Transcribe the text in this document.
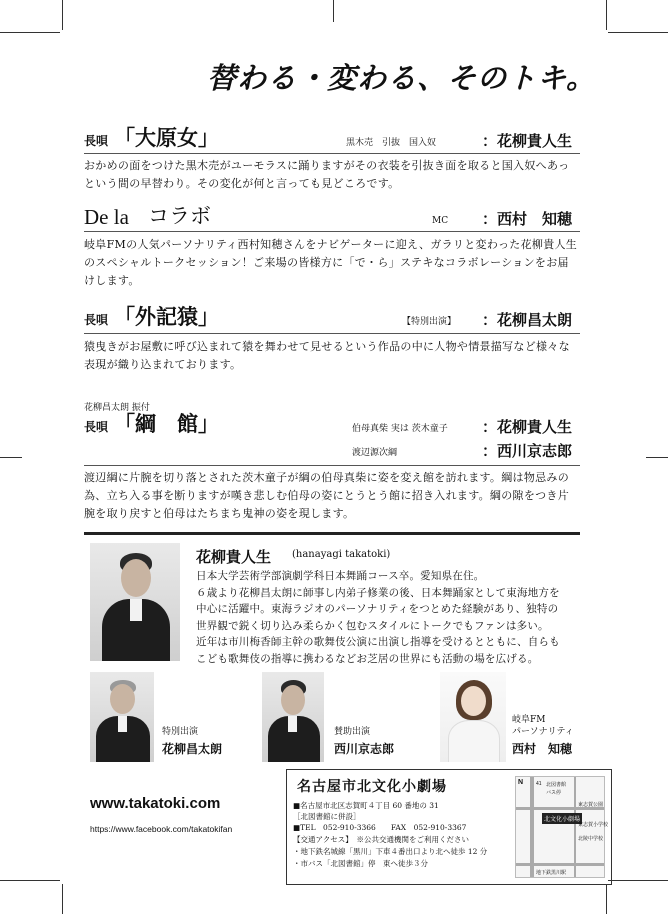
替わる・変わる、そのトキ。
長唄 「大原女」	黒木売　引抜　国入奴	：花柳貴人生
おかめの面をつけた黒木売がユーモラスに踊りますがその衣装を引抜き面を取ると国入奴へあっという間の早替わり。その変化が何と言っても見どころです。
De la コラボ	MC ：西村　知穂
岐阜FMの人気パーソナリティ西村知穂さんをナビゲーターに迎え、ガラリと変わった花柳貴人生のスペシャルトークセッション！ご来場の皆様方に「で・ら」ステキなコラボレーションをお届けします。
長唄 「外記猿」	【特別出演】 ：花柳昌太朗
猿曳きがお屋敷に呼び込まれて猿を舞わせて見せるという作品の中に人物や情景描写など様々な表現が織り込まれております。
花柳昌太朗 振付
長唄 「綱　館」	伯母真柴 実は 茨木童子 ：花柳貴人生
渡辺源次綱	：西川京志郎
渡辺綱に片腕を切り落とされた茨木童子が綱の伯母真柴に姿を変え館を訪れます。綱は物忌みの為、立ち入る事を断りますが嘆き悲しむ伯母の姿にとうとう館に招き入れます。綱の隙をつき片腕を取り戻すと伯母はたちまち鬼神の姿を現します。
花柳貴人生 (hanayagi takatoki)
日本大学芸術学部演劇学科日本舞踊コース卒。愛知県在住。
６歳より花柳昌太朗に師事し内弟子修業の後、日本舞踊家として東海地方を
中心に活躍中。東海ラジオのパーソナリティをつとめた経験があり、独特の
世界観で鋭く切り込み柔らかく包むスタイルにトークでもファンは多い。
近年は市川梅香師主幹の歌舞伎公演に出演し指導を受けるとともに、自らも
こども歌舞伎の指導に携わるなどお芝居の世界にも活動の場を広げる。
特別出演
花柳昌太朗
賛助出演
西川京志郎
岐阜FM
パーソナリティ
西村　知穂
www.takatoki.com
https://www.facebook.com/takatokifan
名古屋市北文化小劇場
■名古屋市北区志賀町４丁目 60 番地の 31
［北図書館に併設］
■TEL　052-910-3366　　FAX　052-910-3367
【交通アクセス】　※公共交通機関をご利用ください
・地下鉄名城線「黒川」下車４番出口より北へ徒歩 12 分
・市バス「北図書館」停　東へ徒歩３分
N	41 北図書館
バス停
北文化小劇場
東志賀公園
東志賀小学校
北陵中学校
地下鉄黒川駅
